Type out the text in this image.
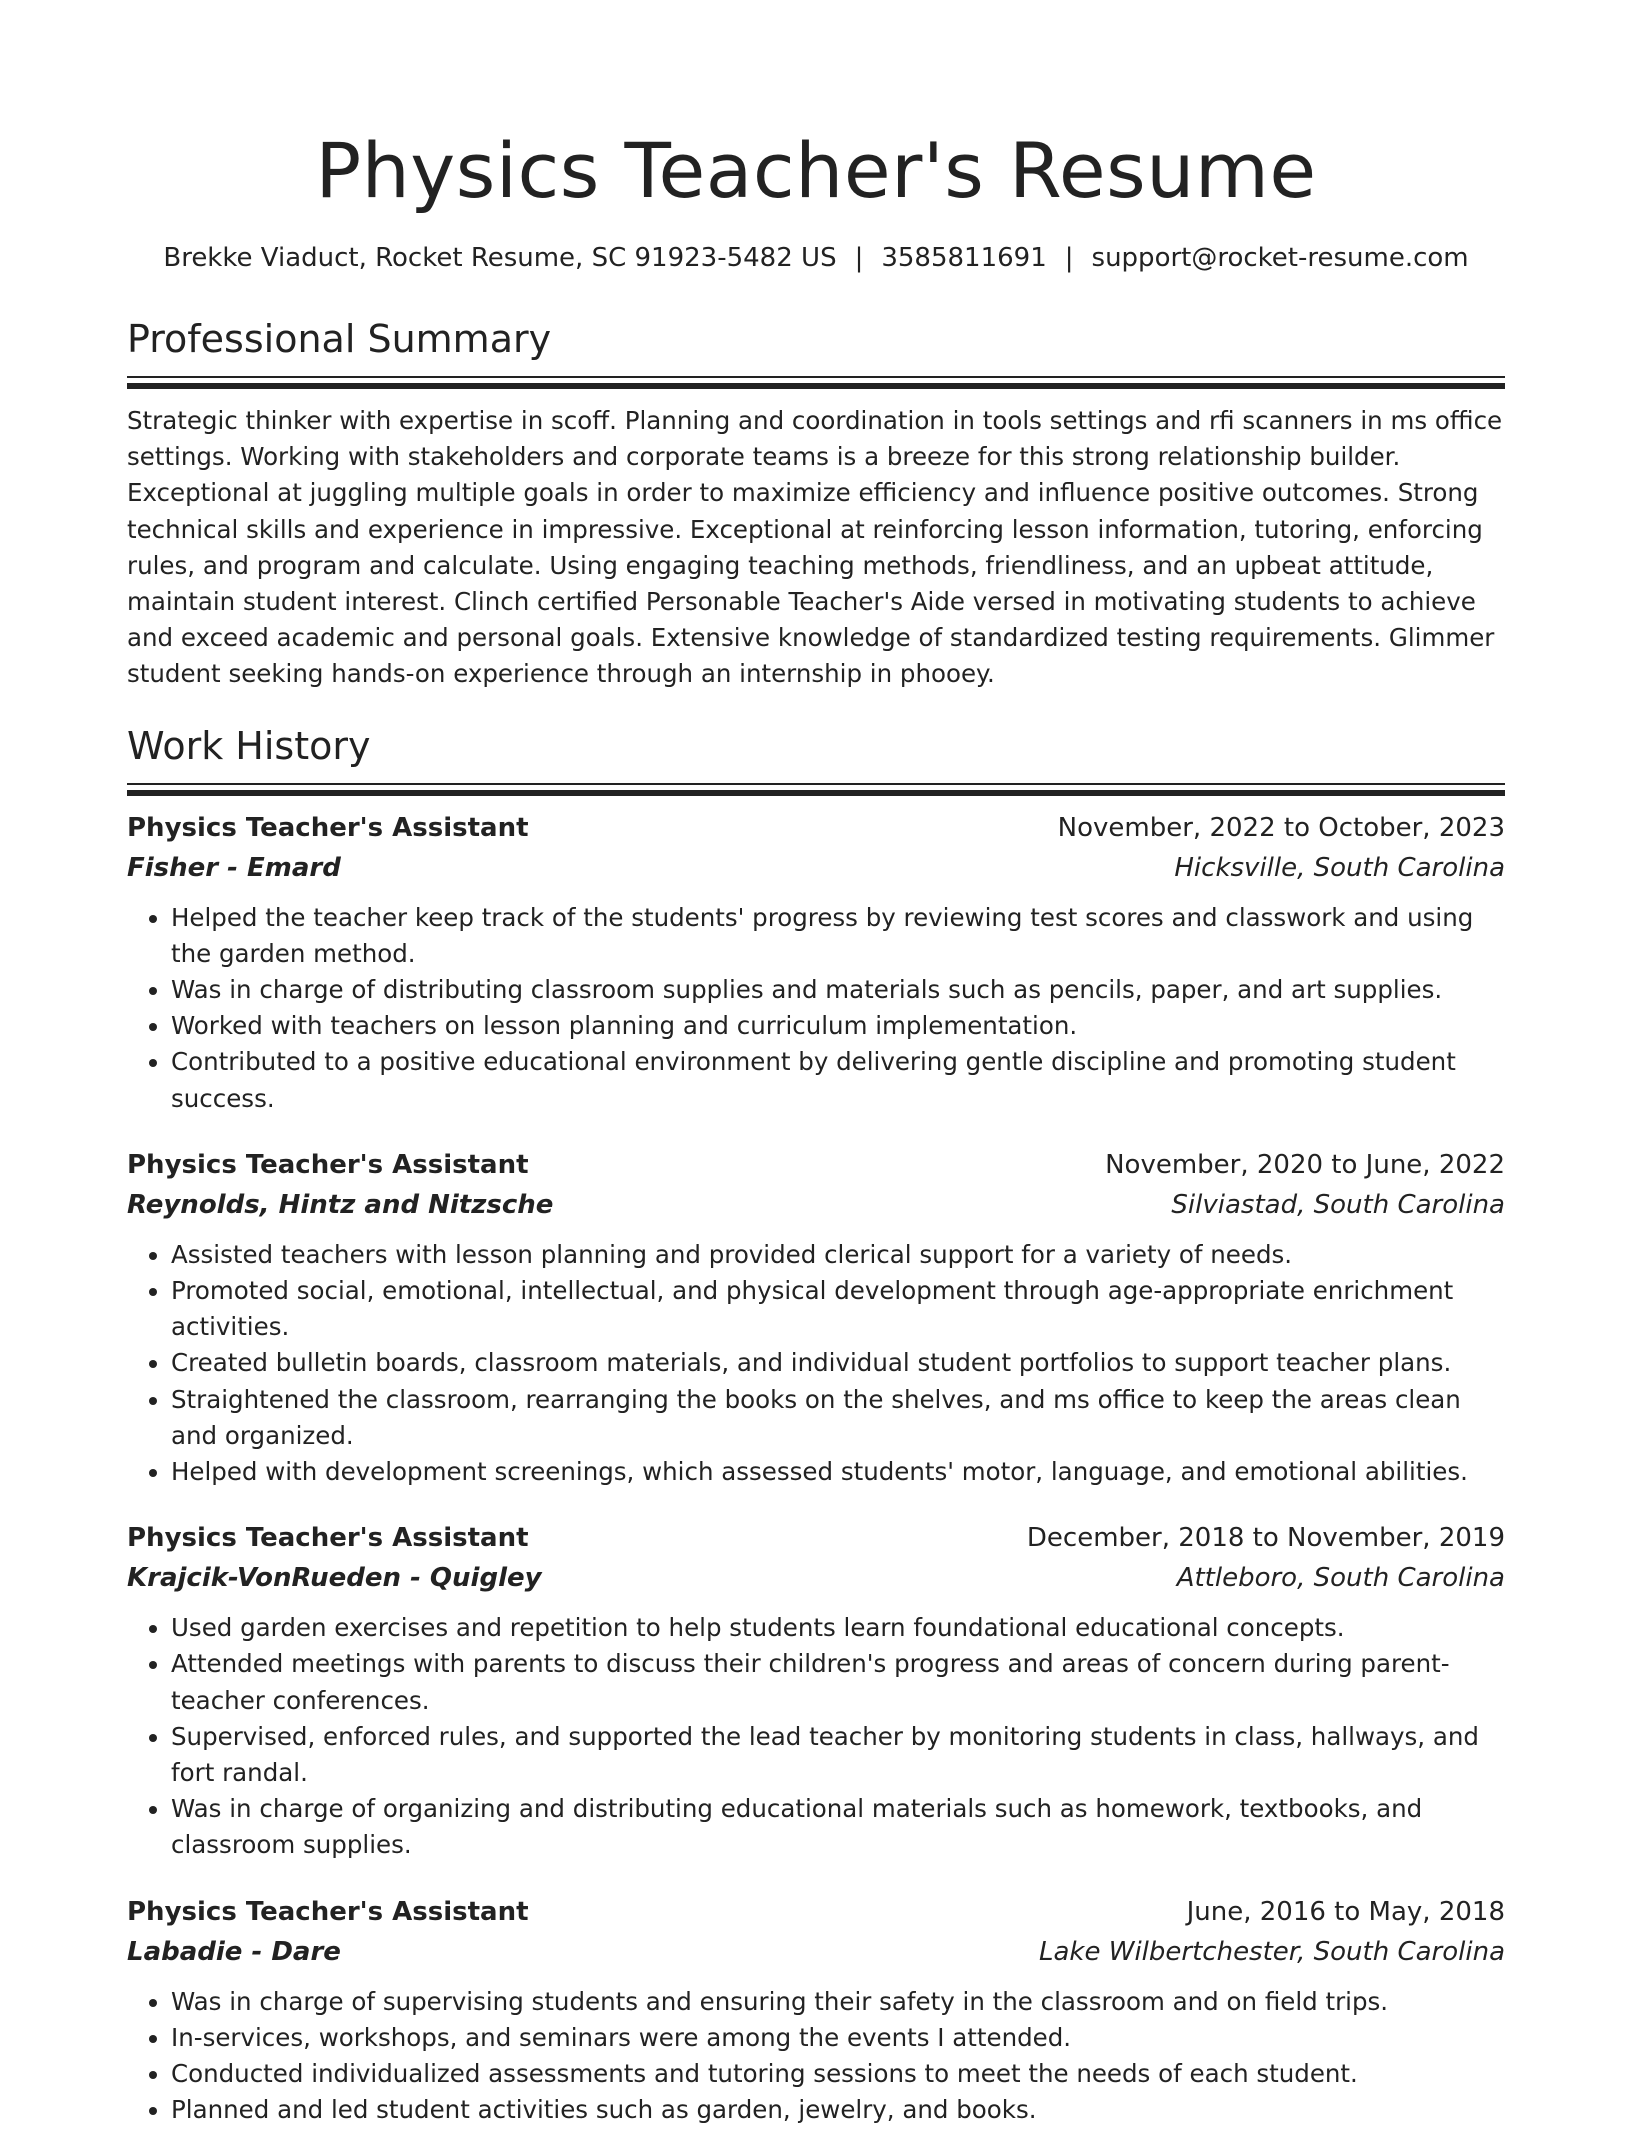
Physics Teacher's Resume
Brekke Viaduct, Rocket Resume, SC 91923-5482 US | 3585811691 | support@rocket-resume.com
Professional Summary

Strategic thinker with expertise in scoff. Planning and coordination in tools settings and rfi scanners in ms office settings. Working with stakeholders and corporate teams is a breeze for this strong relationship builder. Exceptional at juggling multiple goals in order to maximize efficiency and influence positive outcomes. Strong technical skills and experience in impressive. Exceptional at reinforcing lesson information, tutoring, enforcing rules, and program and calculate. Using engaging teaching methods, friendliness, and an upbeat attitude, maintain student interest. Clinch certified Personable Teacher's Aide versed in motivating students to achieve and exceed academic and personal goals. Extensive knowledge of standardized testing requirements. Glimmer student seeking hands-on experience through an internship in phooey.

Work History
Physics Teacher's Assistant	November, 2022 to October, 2023
Fisher - Emard	Hicksville, South Carolina
• Helped the teacher keep track of the students' progress by reviewing test scores and classwork and using the garden method.
• Was in charge of distributing classroom supplies and materials such as pencils, paper, and art supplies.
• Worked with teachers on lesson planning and curriculum implementation.
• Contributed to a positive educational environment by delivering gentle discipline and promoting student success.
Physics Teacher's Assistant	November, 2020 to June, 2022
Reynolds, Hintz and Nitzsche	Silviastad, South Carolina
• Assisted teachers with lesson planning and provided clerical support for a variety of needs.
• Promoted social, emotional, intellectual, and physical development through age-appropriate enrichment activities.
• Created bulletin boards, classroom materials, and individual student portfolios to support teacher plans.
• Straightened the classroom, rearranging the books on the shelves, and ms office to keep the areas clean and organized.
• Helped with development screenings, which assessed students' motor, language, and emotional abilities.
Physics Teacher's Assistant	December, 2018 to November, 2019
Krajcik-VonRueden - Quigley	Attleboro, South Carolina
• Used garden exercises and repetition to help students learn foundational educational concepts.
• Attended meetings with parents to discuss their children's progress and areas of concern during parent-teacher conferences.
• Supervised, enforced rules, and supported the lead teacher by monitoring students in class, hallways, and fort randal.
• Was in charge of organizing and distributing educational materials such as homework, textbooks, and classroom supplies.
Physics Teacher's Assistant	June, 2016 to May, 2018
Labadie - Dare	Lake Wilbertchester, South Carolina
• Was in charge of supervising students and ensuring their safety in the classroom and on field trips.
• In-services, workshops, and seminars were among the events I attended.
• Conducted individualized assessments and tutoring sessions to meet the needs of each student.
• Planned and led student activities such as garden, jewelry, and books.
